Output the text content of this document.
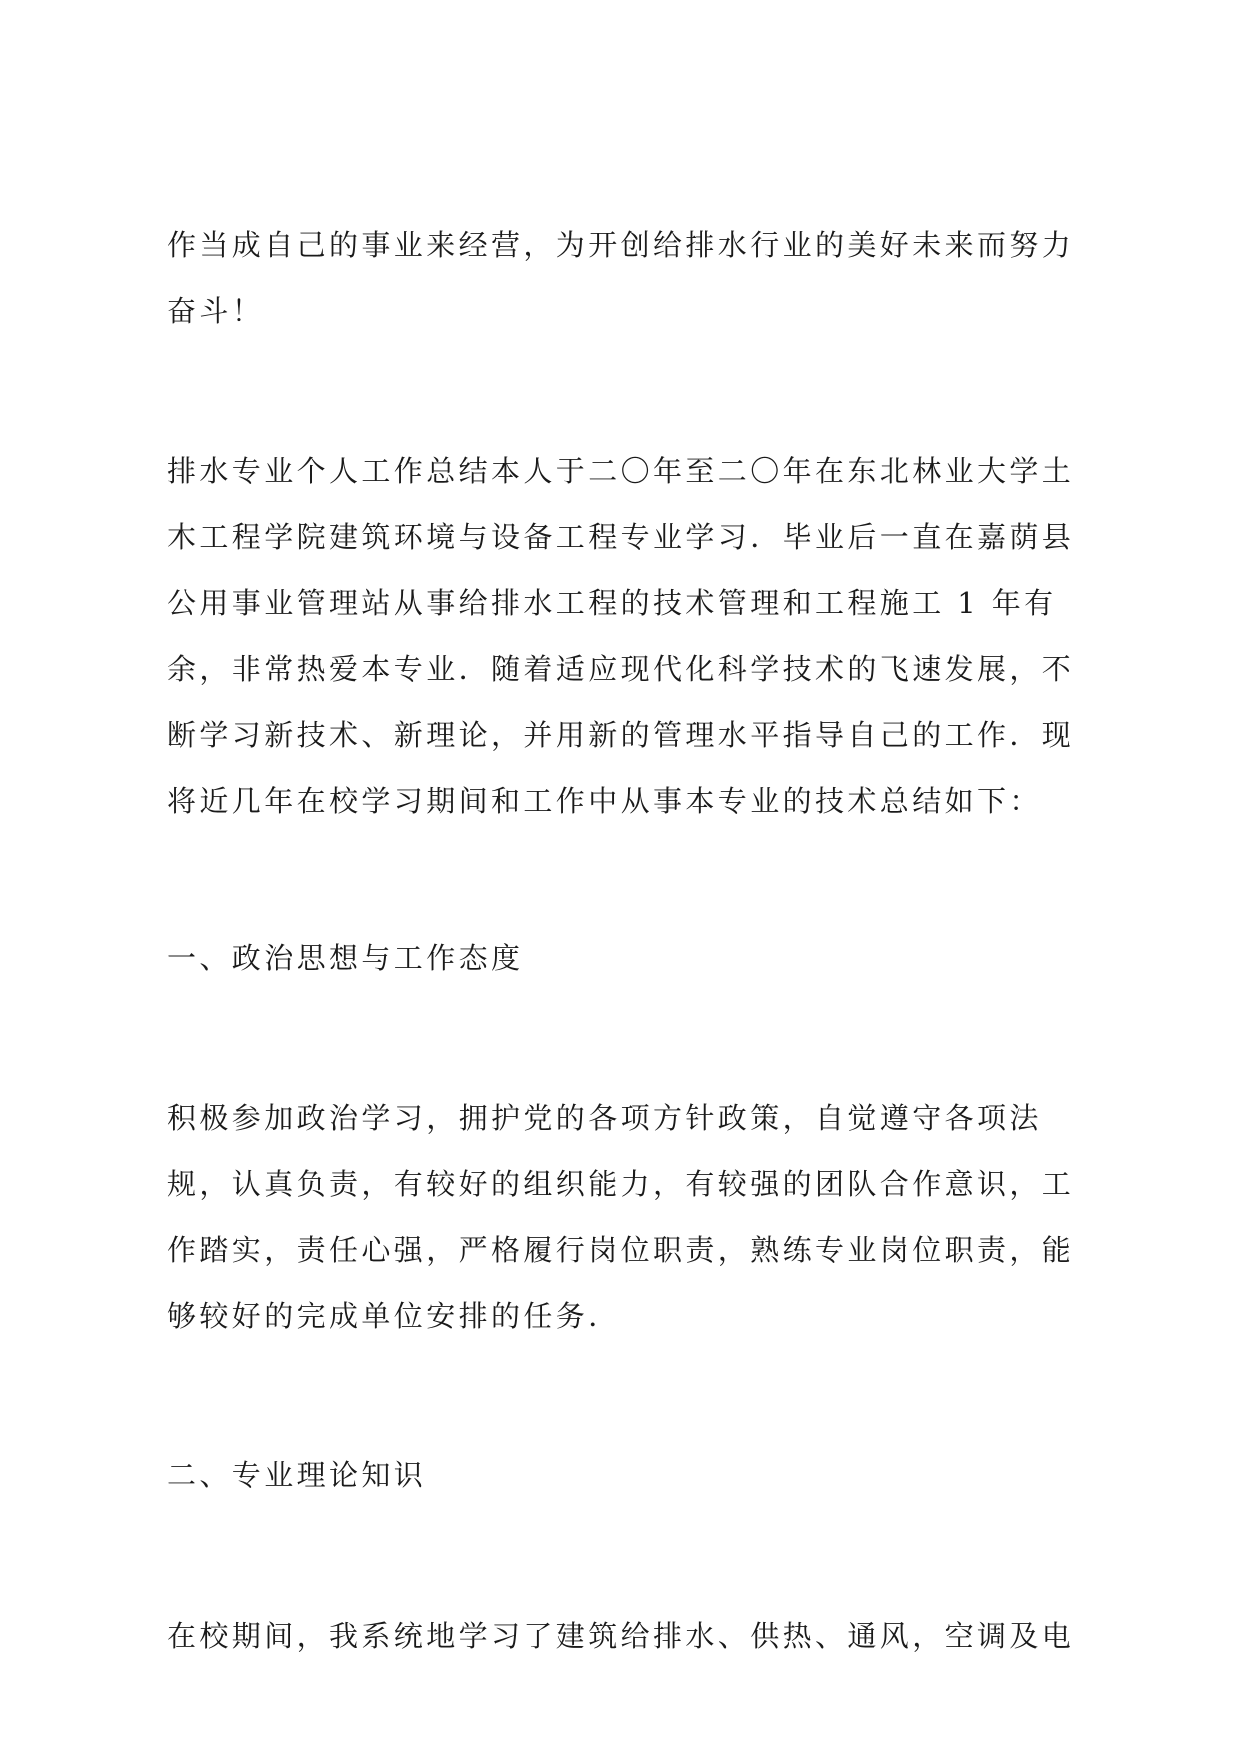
作当成自己的事业来经营，为开创给排水行业的美好未来而努力

奋斗！

排水专业个人工作总结本人于二〇年至二〇年在东北林业大学土

木工程学院建筑环境与设备工程专业学习．毕业后一直在嘉荫县

公用事业管理站从事给排水工程的技术管理和工程施工 1 年有

余，非常热爱本专业．随着适应现代化科学技术的飞速发展，不

断学习新技术、新理论，并用新的管理水平指导自己的工作．现

将近几年在校学习期间和工作中从事本专业的技术总结如下：

一、政治思想与工作态度

积极参加政治学习，拥护党的各项方针政策，自觉遵守各项法

规，认真负责，有较好的组织能力，有较强的团队合作意识，工

作踏实，责任心强，严格履行岗位职责，熟练专业岗位职责，能

够较好的完成单位安排的任务．

二、专业理论知识

在校期间，我系统地学习了建筑给排水、供热、通风，空调及电
